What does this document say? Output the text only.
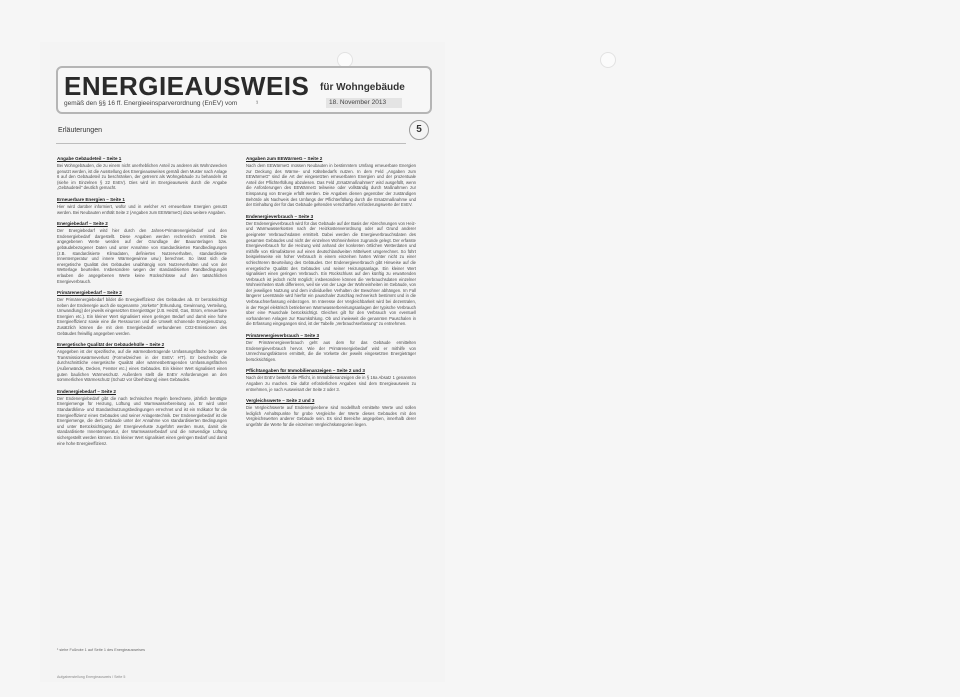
ENERGIEAUSWEIS für Wohngebäude
gemäß den §§ 16 ff. Energieeinsparverordnung (EnEV) vom	¹	18. November 2013
Erläuterungen	5
Angabe Gebäudeteil – Seite 1

Bei Wohngebäuden, die zu einem nicht unerheblichen Anteil zu anderen als Wohnzwecken genutzt werden, ist die Ausstellung des Energieausweises gemäß dem Muster nach Anlage 6 auf den Gebäudeteil zu beschränken, der getrennt als Wohngebäude zu behandeln ist (siehe im Einzelnen § 22 EnEV). Dies wird im Energieausweis durch die Angabe „Gebäudeteil" deutlich gemacht.

Erneuerbare Energien – Seite 1

Hier wird darüber informiert, wofür und in welcher Art erneuerbare Energien genutzt werden. Bei Neubauten enthält Seite 2 (Angaben zum EEWärmeG) dazu weitere Angaben.

Energiebedarf – Seite 2

Der Energiebedarf wird hier durch den Jahres-Primärenergiebedarf und den Endenergiebedarf dargestellt. Diese Angaben werden rechnerisch ermittelt. Die angegebenen Werte werden auf der Grundlage der Bauunterlagen bzw. gebäudebezogener Daten und unter Annahme von standardisierten Randbedingungen (z.B. standardisierte Klimadaten, definiertes Nutzerverhalten, standardisierte Innentemperatur und innere Wärmegewinne usw.) berechnet. So lässt sich die energetische Qualität des Gebäudes unabhängig vom Nutzerverhalten und von der Wetterlage beurteilen. Insbesondere wegen der standardisierten Randbedingungen erlauben die angegebenen Werte keine Rückschlüsse auf den tatsächlichen Energieverbrauch.

Primärenergiebedarf – Seite 2

Der Primärenergiebedarf bildet die Energieeffizienz des Gebäudes ab. Er berücksichtigt neben der Endenergie auch die sogenannte „Vorkette" (Erkundung, Gewinnung, Verteilung, Umwandlung) der jeweils eingesetzten Energieträger (z.B. Heizöl, Gas, Strom, erneuerbare Energien etc.). Ein kleiner Wert signalisiert einen geringen Bedarf und damit eine hohe Energieeffizienz sowie eine die Ressourcen und die Umwelt schonende Energienutzung. Zusätzlich können die mit dem Energiebedarf verbundenen CO2-Emissionen des Gebäudes freiwillig angegeben werden.

Energetische Qualität der Gebäudehülle – Seite 2

Angegeben ist der spezifische, auf die wärmeübertragende Umfassungsfläche bezogene Transmissionswärmeverlust (Formelzeichen in der EnEV: H'T). Er beschreibt die durchschnittliche energetische Qualität aller wärmeübertragenden Umfassungsflächen (Außenwände, Decken, Fenster etc.) eines Gebäudes. Ein kleiner Wert signalisiert einen guten baulichen Wärmeschutz. Außerdem stellt die EnEV Anforderungen an den sommerlichen Wärmeschutz (Schutz vor Überhitzung) eines Gebäudes.

Endenergiebedarf – Seite 2

Der Endenergiebedarf gibt die nach technischen Regeln berechnete, jährlich benötigte Energiemenge für Heizung, Lüftung und Warmwasserbereitung an. Er wird unter Standardklima- und Standardnutzungsbedingungen errechnet und ist ein Indikator für die Energieeffizienz eines Gebäudes und seiner Anlagentechnik. Der Endenergiebedarf ist die Energiemenge, die dem Gebäude unter der Annahme von standardisierten Bedingungen und unter Berücksichtigung der Energieverluste zugeführt werden muss, damit die standardisierte Innentemperatur, der Warmwasserbedarf und die notwendige Lüftung sichergestellt werden können. Ein kleiner Wert signalisiert einen geringen Bedarf und damit eine hohe Energieeffizienz.

Angaben zum EEWärmeG – Seite 2

Nach dem EEWärmeG müssen Neubauten in bestimmtem Umfang erneuerbare Energien zur Deckung des Wärme- und Kältebedarfs nutzen. In dem Feld „Angaben zum EEWärmeG" sind die Art der eingesetzten erneuerbaren Energien und der prozentuale Anteil der Pflichterfüllung abzulesen. Das Feld „Ersatzmaßnahmen" wird ausgefüllt, wenn die Anforderungen des EEWärmeG teilweise oder vollständig durch Maßnahmen zur Einsparung von Energie erfüllt werden. Die Angaben dienen gegenüber der zuständigen Behörde als Nachweis des Umfangs der Pflichterfüllung durch die Ersatzmaßnahme und der Einhaltung der für das Gebäude geltenden verschärften Anforderungswerte der EnEV.

Endenergieverbrauch – Seite 3

Der Endenergieverbrauch wird für das Gebäude auf der Basis der Abrechnungen von Heiz- und Warmwasserkosten nach der Heizkostenverordnung oder auf Grund anderer geeigneter Verbrauchsdaten ermittelt. Dabei werden die Energieverbrauchsdaten des gesamten Gebäudes und nicht der einzelnen Wohneinheiten zugrunde gelegt. Der erfasste Energieverbrauch für die Heizung wird anhand der konkreten örtlichen Wetterdaten und mithilfe von Klimafaktoren auf einen deutschlandweiten Mittelwert umgerechnet. So führt beispielsweise ein hoher Verbrauch in einem einzelnen harten Winter nicht zu einer schlechteren Beurteilung des Gebäudes. Der Endenergieverbrauch gibt Hinweise auf die energetische Qualität des Gebäudes und seiner Heizungsanlage. Ein kleiner Wert signalisiert einen geringen Verbrauch. Ein Rückschluss auf den künftig zu erwartenden Verbrauch ist jedoch nicht möglich; insbesondere können die Verbrauchsdaten einzelner Wohneinheiten stark differieren, weil sie von der Lage der Wohneinheiten im Gebäude, von der jeweiligen Nutzung und dem individuellen Verhalten der Bewohner abhängen. Im Fall längerer Leerstände wird hierfür ein pauschaler Zuschlag rechnerisch bestimmt und in die Verbrauchserfassung einbezogen. Im Interesse der Vergleichbarkeit wird bei dezentralen, in der Regel elektrisch betriebenen Warmwasserbereitungsanlagen der typische Verbrauch über eine Pauschale berücksichtigt. Gleiches gilt für den Verbrauch von eventuell vorhandenen Anlagen zur Raumkühlung. Ob und inwieweit die genannten Pauschalen in die Erfassung eingegangen sind, ist der Tabelle „Verbrauchserfassung" zu entnehmen.

Primärenergieverbrauch – Seite 3

Der Primärenergieverbrauch geht aus dem für das Gebäude ermittelten Endenergieverbrauch hervor. Wie der Primärenergiebedarf wird er mithilfe von Umrechnungsfaktoren ermittelt, die die Vorkette der jeweils eingesetzten Energieträger berücksichtigen.

Pflichtangaben für Immobilienanzeigen – Seite 2 und 3

Nach der EnEV besteht die Pflicht, in Immobilienanzeigen die in § 16a Absatz 1 genannten Angaben zu machen. Die dafür erforderlichen Angaben sind dem Energieausweis zu entnehmen, je nach Ausweisart der Seite 2 oder 3.

Vergleichswerte – Seite 2 und 3

Die Vergleichswerte auf Endenergieebene sind modellhaft ermittelte Werte und sollen lediglich Anhaltspunkte für grobe Vergleiche der Werte dieses Gebäudes mit den Vergleichswerten anderer Gebäude sein. Es sind Bereiche angegeben, innerhalb derer ungefähr die Werte für die einzelnen Vergleichskategorien liegen.

¹ siehe Fußnote 1 auf Seite 1 des Energieausweises
Aufgabenstellung Energieausweis / Seite 5
